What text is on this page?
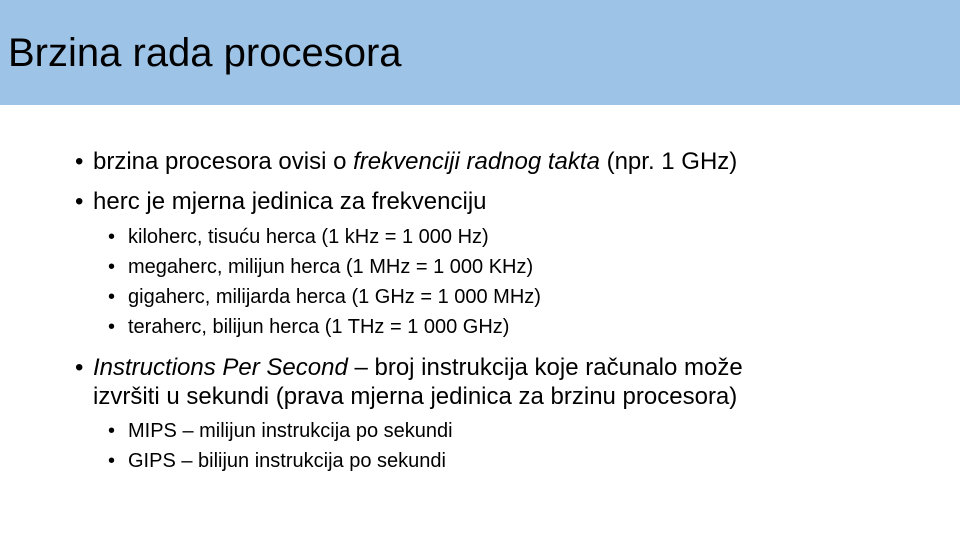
Brzina rada procesora
• brzina procesora ovisi o frekvenciji radnog takta (npr. 1 GHz)
• herc je mjerna jedinica za frekvenciju
• kiloherc, tisuću herca (1 kHz = 1 000 Hz)
• megaherc, milijun herca (1 MHz = 1 000 KHz)
• gigaherc, milijarda herca (1 GHz = 1 000 MHz)
• teraherc, bilijun herca (1 THz = 1 000 GHz)
• Instructions Per Second – broj instrukcija koje računalo može
izvršiti u sekundi (prava mjerna jedinica za brzinu procesora)
• MIPS – milijun instrukcija po sekundi
• GIPS – bilijun instrukcija po sekundi
